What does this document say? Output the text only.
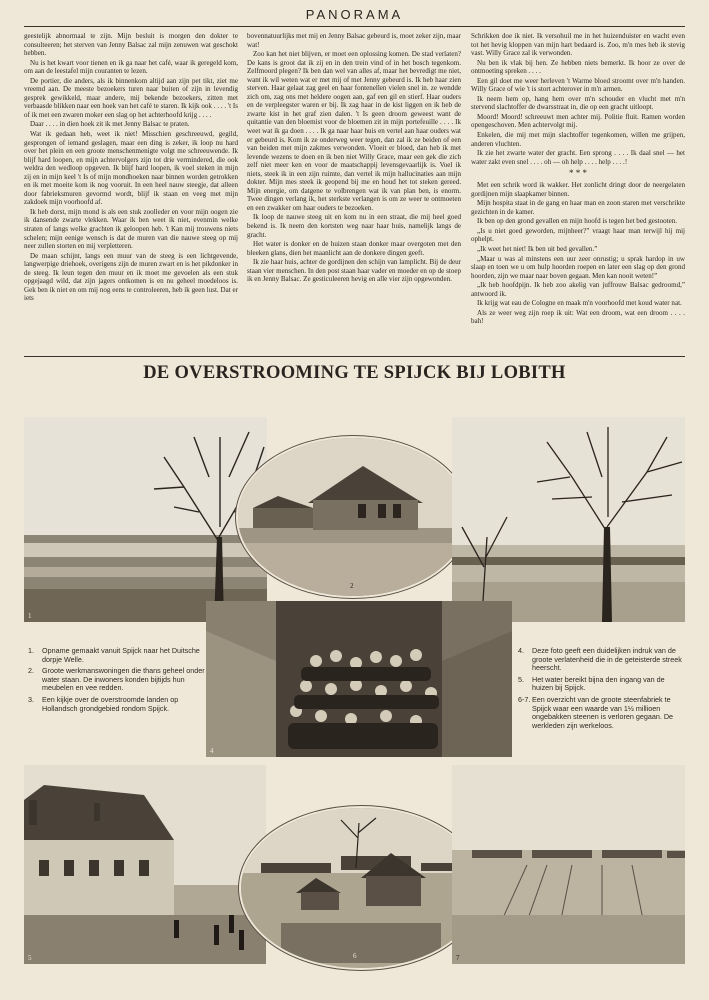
PANORAMA

geestelijk abnormaal te zijn. Mijn besluit is morgen den dokter te consulteeren; het sterven van Jenny Balsac zal mijn zenuwen wat geschokt hebben.

Nu is het kwart voor tienen en ik ga naar het café, waar ik geregeld kom, om aan de leestafel mijn couranten te lezen.

De portier, die anders, als ik binnenkom altijd aan zijn pet tikt, ziet me vreemd aan. De meeste bezoekers turen naar buiten of zijn in levendig gesprek gewikkeld, maar andere, mij bekende bezoekers, zitten met verbaasde blikken naar een hoek van het café te staren. Ik kijk ook . . . . 't Is of ik met een zwaren moker een slag op het achterhoofd krijg . . . .

Daar . . . . in dien hoek zit ik met Jenny Balsac te praten.

Wat ik gedaan heb, weet ik niet! Misschien geschreeuwd, gegild, gesprongen of iemand geslagen, maar een ding is zeker, ik loop nu hard over het plein en een groote menschenmenigte volgt me schreeuwende. Ik blijf hard loopen, en mijn achtervolgers zijn tot drie vermindered, die ook weldra den wedloop opgeven. Ik blijf hard loopen, ik voel steken in mijn zij en in mijn keel 't Is of mijn mondhoeken naar binnen worden getrokken en ik met moeite kom ik nog vooruit. In een heel nauw steegje, dat alleen door fabrieksmuren gevormd wordt, blijf ik staan en veeg met mijn zakdoek mijn voorhoofd af.

Ik heb dorst, mijn mond is als een stuk zoolleder en voor mijn oogen zie ik dansende zwarte vlekken. Waar ik ben weet ik niet, evenmin welke straten of langs welke grachten ik geloopen heb. 't Kan mij trouwens niets schelen; mijn eenige wensch is dat de muren van die nauwe steeg op mij neer zullen storten en mij verpletteren.

De maan schijnt, langs een muur van de steeg is een lichtgevende, langwerpige driehoek, overigens zijn de muren zwart en is het pikdonker in de steeg. Ik leun tegen den muur en ik moet me gevoelen als een stuk opgejaagd wild, dat zijn jagers ontkomen is en nu geheel moedeloos is. Gek ben ik niet en om mij nog eens te controleeren, heb ik geen lust. Dat er iets

bovennatuurlijks met mij en Jenny Balsac gebeurd is, moet zeker zijn, maar wat!

Zoo kan het niet blijven, er moet een oplossing komen. De stad verlaten? De kans is groot dat ik zij en in den trein vind of in het bosch tegenkom. Zelfmoord plegen? Ik ben dan wel van alles af, maar het bevredigt me niet, want ik wil weten wat er met mij of met Jenny gebeurd is. Ik heb haar zien sterven. Haar gelaat zag geel en haar fontenellen vielen snel in. ze wendde zich om, zag ons met heldere oogen aan, gaf een gil en stierf. Haar ouders en de verpleegster waren er bij. Ik zag haar in de kist liggen en ik heb de zwarte kist in het graf zien dalen. 't Is geen droom geweest want de quitantie van den bloemist voor de bloemen zit in mijn portefeuille . . . . Ik weet wat ik ga doen . . . . Ik ga naar haar huis en vertel aan haar ouders wat er gebeurd is. Kom ik ze onderweg weer tegen, dan zal ik ze beiden of een van beiden met mijn zakmes verwonden. Vloeit er bloed, dan heb ik met levende wezens te doen en ik ben niet Willy Grace, maar een gek die zich zelf niet meer ken en voor de maatschappij levensgevaarlijk is. Voel ik niets, steek ik in een zijn ruimte, dan vertel ik mijn hallucinaties aan mijn dokter. Mijn mes steek ik geopend bij me en houd het tot steken gereed. Mijn energie, om datgene te volbrengen wat ik van plan ben, is enorm. Twee dingen verlang ik, het sterkste verlangen is om ze weer te ontmoeten en een zwakker om haar ouders te bezoeken.

Ik loop de nauwe steeg uit en kom nu in een straat, die mij heel goed bekend is. Ik neem den kortsten weg naar haar huis, namelijk langs de gracht.

Het water is donker en de huizen staan donker maar overgoten met den bleeken glans, dien het maanlicht aan de donkere dingen geeft.

Ik zie haar huis, achter de gordijnen den schijn van lamplicht. Bij de deur staan vier menschen. In den post staan haar vader en moeder en op de stoep ik en Jenny Balsac. Ze gesticuleeren hevig en alle vier zijn opgewonden.

Schrikken doe ik niet. Ik versohuil me in het huizenduister en wacht even tot het hevig kloppen van mijn hart bedaard is. Zoo, m'n mes heb ik stevig vast. Willy Grace zal ik verwonden.

Nu ben ik vlak bij hen. Ze hebben niets bemerkt. Ik hoor ze over de ontmoeting spreken . . . .

Een gil doet me weer herleven 't Warme bloed stroomt over m'n handen. Willy Grace of wie 't is stort achterover in m'n armen.

Ik neem hem op, hang hem over m'n schouder en vlucht met m'n stervend slachtoffer de dwarsstraat in, die op een gracht uitloopt.

Moord! Moord! schreeuwt men achter mij. Politie fluit. Ramen worden opengeschoven. Men achtervolgt mij.

Enkelen, die mij met mijn slachtoffer tegenkomen, willen me grijpen, anderen vluchten.

Ik zie het zwarte water der gracht. Een sprong . . . . Ik daal snel — het water zakt even snel . . . . oh — oh help . . . . help . . . .!

* * *

Met een schrik word ik wakker. Het zonlicht dringt door de neergelaten gordijnen mijn slaapkamer binnen.

Mijn hospita staat in de gang en haar man en zoon staren met verschrikte gezichten in de kamer.

Ik ben op den grond gevallen en mijn hoofd is tegen het bed gestooten.

„Is u niet goed geworden, mijnheer?” vraagt haar man terwijl hij mij ophelpt.

„Ik weet het niet! Ik ben uit bed gevallen.”

„Maar u was al minstens een uur zeer onrustig; u sprak hardop in uw slaap en toen we u om hulp hoorden roepen en later een slag op den grond hoorden, zijn we maar naar boven gegaan. Men kan nooit weten!”

„Ik heb hoofdpijn. Ik heb zoo akelig van juffrouw Balsac gedroomd,” antwoord ik.

Ik krijg wat eau de Cologne en maak m'n voorhoofd met koud water nat.

Als ze weer weg zijn roep ik uit: Wat een droom, wat een droom . . . . bah!

DE OVERSTROOMING TE SPIJCK BIJ LOBITH
1
2
1.	Opname gemaakt vanuit Spijck naar het Duitsche dorpje Welle.
2.	Groote werkmanswoningen die thans geheel onder water staan. De inwoners konden bijtijds hun meubelen en vee redden.
3.	Een kijkje over de overstroomde landen op Hollandsch grondgebied rondom Spijck.
4
4.	Deze foto geeft een duidelijken indruk van de groote verlatenheid die in de geteisterde streek heerscht.
5.	Het water bereikt bijna den ingang van de huizen bij Spijck.
6-7. Een overzicht van de groote steenfabriek te Spijck waar een waarde van 1½ millioen ongebakken steenen is verloren gegaan. De werkleden zijn werkeloos.
5	6	7
